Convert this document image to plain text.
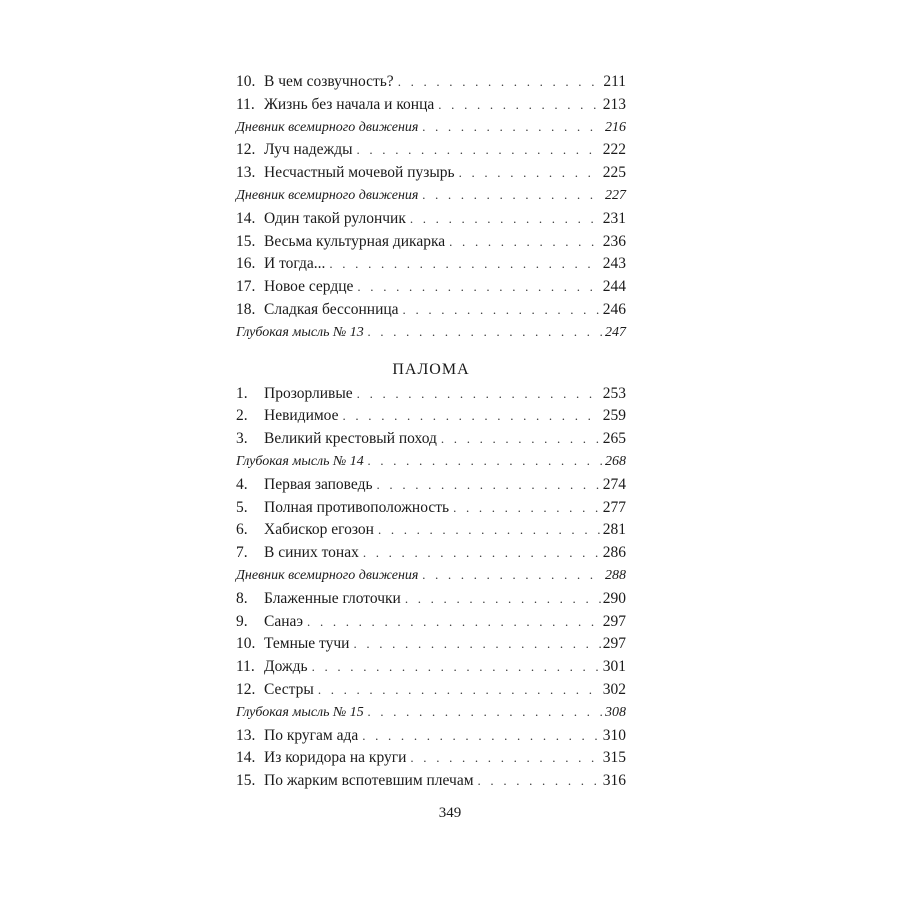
10. В чем созвучность? . . .	211
11. Жизнь без начала и конца . . .	213
Дневник всемирного движения . . .	216
12. Луч надежды . . .	222
13. Несчастный мочевой пузырь . . .	225
Дневник всемирного движения . . .	227
14. Один такой рулончик . . .	231
15. Весьма культурная дикарка . . .	236
16. И тогда... . . .	243
17. Новое сердце . . .	244
18. Сладкая бессонница . . .	246
Глубокая мысль № 13 . . .	247
ПАЛОМА
1.	Прозорливые . . .	253
2.	Невидимое . . .	259
3.	Великий крестовый поход . . .	265
Глубокая мысль № 14 . . .	268
4.	Первая заповедь . . .	274
5.	Полная противоположность . . .	277
6.	Хабискор егозон . . .	281
7.	В синих тонах . . .	286
Дневник всемирного движения . . .	288
8.	Блаженные глоточки . . .	290
9.	Санаэ . . .	297
10. Темные тучи . . .	297
11. Дождь . . .	301
12. Сестры . . .	302
Глубокая мысль № 15 . . .	308
13. По кругам ада . . .	310
14. Из коридора на круги . . .	315
15. По жарким вспотевшим плечам . . .	316
349
